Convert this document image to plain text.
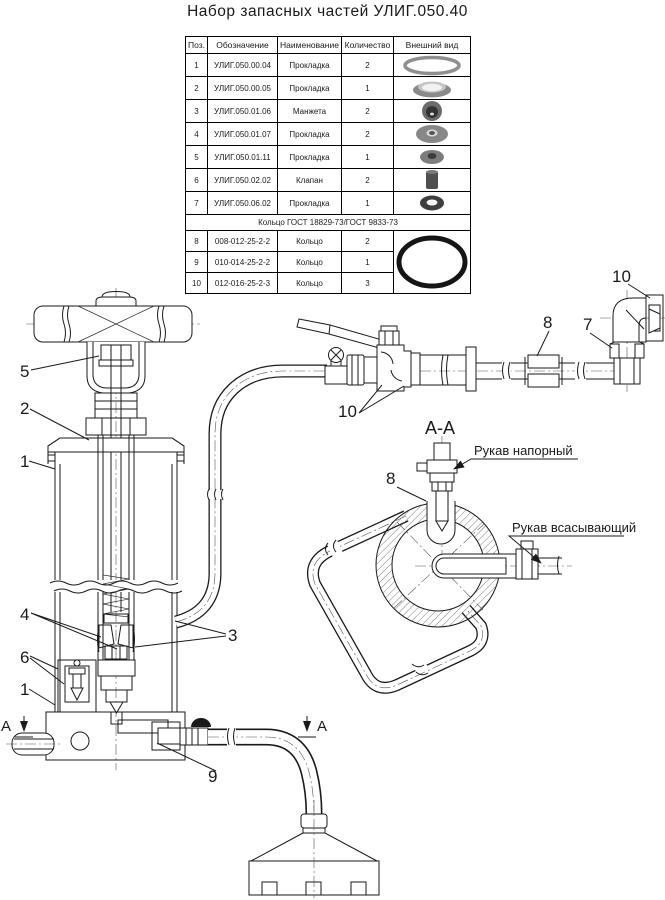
Набор запасных частей УЛИГ.050.40
А
10
7
8
10
А-А
8
Рукав напорный
Рукав всасывающий
А
5
2
1
4
3
6
1
9
Поз.	Обозначение	Наименование	Количество	Внешний вид
1	УЛИГ.050.00.04	Прокладка	2	

2	УЛИГ.050.00.05	Прокладка	1	

3	УЛИГ.050.01.06	Манжета	2	

4	УЛИГ.050.01.07	Прокладка	2	

5	УЛИГ.050.01.11	Прокладка	1	

6	УЛИГ.050.02.02	Клапан	2	

7	УЛИГ.050.06.02	Прокладка	1	

Кольцо ГОСТ 18829-73/ГОСТ 9833-73				
8	008-012-25-2-2	Кольцо	2	

9	010-014-25-2-2	Кольцо	1	
10	012-016-25-2-3	Кольцо	3	
